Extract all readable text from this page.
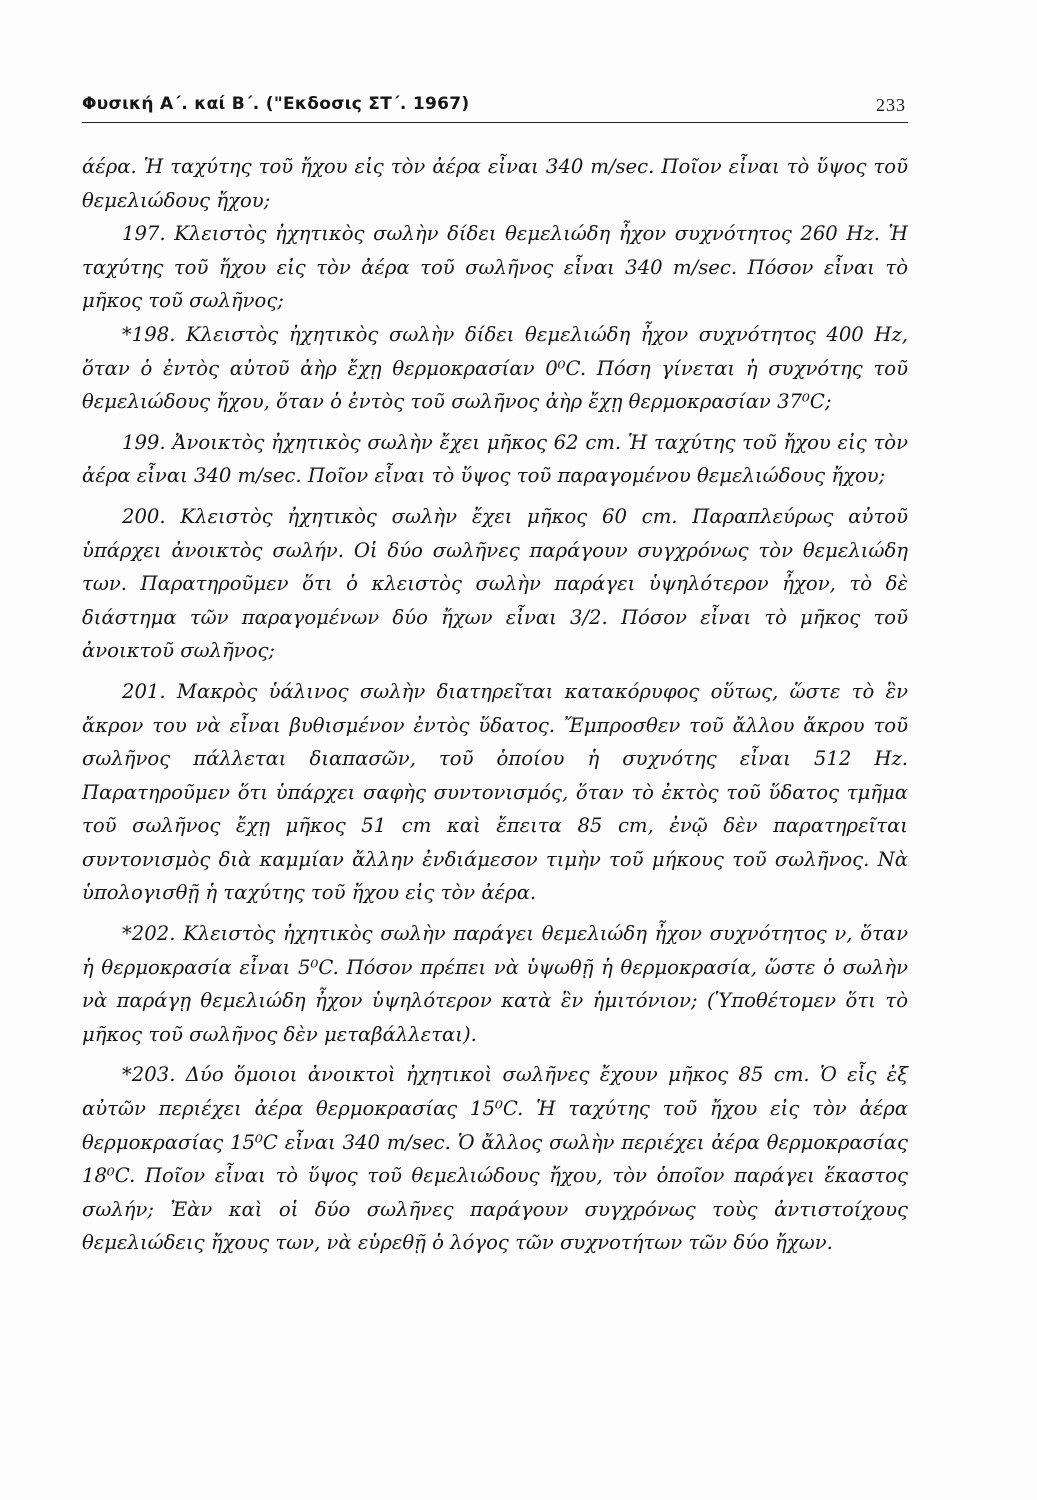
Φυσική Α΄. καί Β΄. ("Εκδοσις ΣΤ΄. 1967)	233

άέρα. Ἡ ταχύτης τοῦ ἤχου εἰς τὸν ἀέρα εἶναι 340 m/sec. Ποῖον εἶναι τὸ ὕψος τοῦ θεμελιώδους ἤχου;

197. Κλειστὸς ἠχητικὸς σωλὴν δίδει θεμελιώδη ἦχον συχνότητος 260 Hz. Ἡ ταχύτης τοῦ ἤχου εἰς τὸν ἀέρα τοῦ σωλῆνος εἶναι 340 m/sec. Πόσον εἶναι τὸ μῆκος τοῦ σωλῆνος;

*198. Κλειστὸς ἠχητικὸς σωλὴν δίδει θεμελιώδη ἦχον συχνότητος 400 Hz, ὅταν ὁ ἐντὸς αὐτοῦ ἀὴρ ἔχῃ θερμοκρασίαν 0⁰C. Πόση γίνεται ἡ συχνότης τοῦ θεμελιώδους ἤχου, ὅταν ὁ ἐντὸς τοῦ σωλῆνος ἀὴρ ἔχῃ θερμοκρασίαν 37⁰C;

199. Ἀνοικτὸς ἠχητικὸς σωλὴν ἔχει μῆκος 62 cm. Ἡ ταχύτης τοῦ ἤχου εἰς τὸν ἀέρα εἶναι 340 m/sec. Ποῖον εἶναι τὸ ὕψος τοῦ παραγομένου θεμελιώδους ἤχου;

200. Κλειστὸς ἠχητικὸς σωλὴν ἔχει μῆκος 60 cm. Παραπλεύρως αὐτοῦ ὑπάρχει ἀνοικτὸς σωλήν. Οἱ δύο σωλῆνες παράγουν συγχρόνως τὸν θεμελιώδη των. Παρατηροῦμεν ὅτι ὁ κλειστὸς σωλὴν παράγει ὑψηλότερον ἦχον, τὸ δὲ διάστημα τῶν παραγομένων δύο ἤχων εἶναι 3/2. Πόσον εἶναι τὸ μῆκος τοῦ ἀνοικτοῦ σωλῆνος;

201. Μακρὸς ὑάλινος σωλὴν διατηρεῖται κατακόρυφος οὕτως, ὥστε τὸ ἓν ἄκρον του νὰ εἶναι βυθισμένον ἐντὸς ὕδατος. Ἔμπροσθεν τοῦ ἄλλου ἄκρου τοῦ σωλῆνος πάλλεται διαπασῶν, τοῦ ὁποίου ἡ συχνότης εἶναι 512 Hz. Παρατηροῦμεν ὅτι ὑπάρχει σαφὴς συντονισμός, ὅταν τὸ ἐκτὸς τοῦ ὕδατος τμῆμα τοῦ σωλῆνος ἔχῃ μῆκος 51 cm καὶ ἔπειτα 85 cm, ἐνῷ δὲν παρατηρεῖται συντονισμὸς διὰ καμμίαν ἄλλην ἐνδιάμεσον τιμὴν τοῦ μήκους τοῦ σωλῆνος. Νὰ ὑπολογισθῇ ἡ ταχύτης τοῦ ἤχου εἰς τὸν ἀέρα.

*202. Κλειστὸς ἠχητικὸς σωλὴν παράγει θεμελιώδη ἦχον συχνότητος ν, ὅταν ἡ θερμοκρασία εἶναι 5⁰C. Πόσον πρέπει νὰ ὑψωθῇ ἡ θερμοκρασία, ὥστε ὁ σωλὴν νὰ παράγῃ θεμελιώδη ἦχον ὑψηλότερον κατὰ ἓν ἡμιτόνιον; (Ὑποθέτομεν ὅτι τὸ μῆκος τοῦ σωλῆνος δὲν μεταβάλλεται).

*203. Δύο ὅμοιοι ἀνοικτοὶ ἠχητικοὶ σωλῆνες ἔχουν μῆκος 85 cm. Ὁ εἷς ἐξ αὐτῶν περιέχει ἀέρα θερμοκρασίας 15⁰C. Ἡ ταχύτης τοῦ ἤχου εἰς τὸν ἀέρα θερμοκρασίας 15⁰C εἶναι 340 m/sec. Ὁ ἄλλος σωλὴν περιέχει ἀέρα θερμοκρασίας 18⁰C. Ποῖον εἶναι τὸ ὕψος τοῦ θεμελιώδους ἤχου, τὸν ὁποῖον παράγει ἕκαστος σωλήν; Ἐὰν καὶ οἱ δύο σωλῆνες παράγουν συγχρόνως τοὺς ἀντιστοίχους θεμελιώδεις ἤχους των, νὰ εὑρεθῇ ὁ λόγος τῶν συχνοτήτων τῶν δύο ἤχων.
